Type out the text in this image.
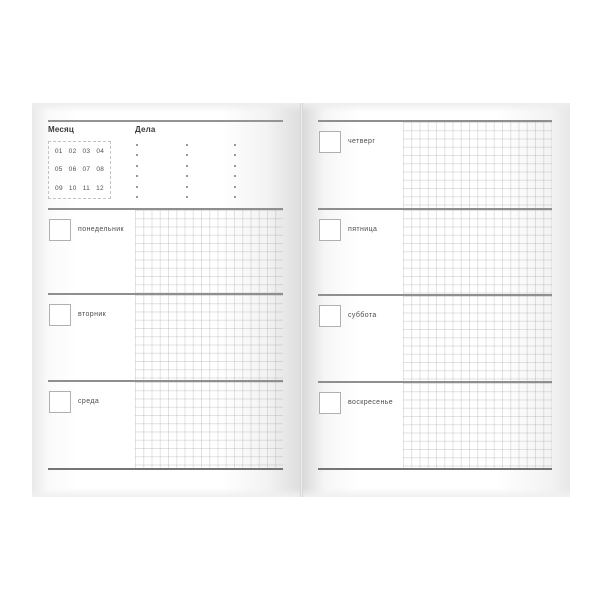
Месяц
01 02 03 04
05 06 07 08
09 10 11 12
Дела
понедельник
вторник
среда
четверг
пятница
суббота
воскресенье
